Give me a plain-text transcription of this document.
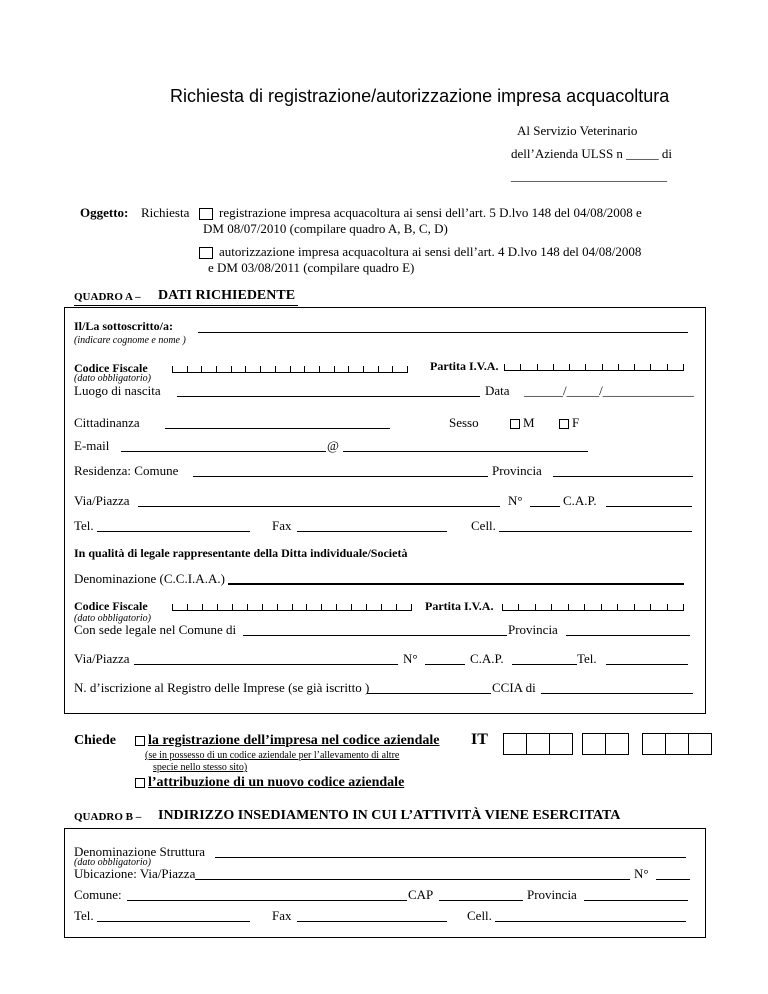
Richiesta di registrazione/autorizzazione impresa acquacoltura
Al Servizio Veterinario
dell’Azienda ULSS n _____ di
________________________
Oggetto: Richiesta registrazione impresa acquacoltura ai sensi dell’art. 5 D.lvo 148 del 04/08/2008 e
DM 08/07/2010 (compilare quadro A, B, C, D)
autorizzazione impresa acquacoltura ai sensi dell’art. 4 D.lvo 148 del 04/08/2008
e DM 03/08/2011 (compilare quadro E)
QUADRO A – DATI RICHIEDENTE
Il/La sottoscritto/a:
(indicare cognome e nome )
Codice Fiscale	Partita I.V.A.
(dato obbligatorio)
Luogo di nascita	Data ______/_____/______________
Cittadinanza	Sesso	M	F
E-mail	@
Residenza: Comune	Provincia
Via/Piazza	N°	C.A.P.
Tel.	Fax	Cell.
In qualità di legale rappresentante della Ditta individuale/Società
Denominazione (C.C.I.A.A.)
Codice Fiscale	Partita I.V.A.
(dato obbligatorio)
Con sede legale nel Comune di	Provincia
Via/Piazza	N°	C.A.P.	Tel.
N. d’iscrizione al Registro delle Imprese (se già iscritto )	CCIA di
Chiede	la registrazione dell’impresa nel codice aziendale
(se in possesso di un codice aziendale per l’allevamento di altre
specie nello stesso sito)
IT
l’attribuzione di un nuovo codice aziendale
QUADRO B – INDIRIZZO INSEDIAMENTO IN CUI L’ATTIVITÀ VIENE ESERCITATA
Denominazione Struttura
(dato obbligatorio)
Ubicazione: Via/Piazza	N°
Comune:	CAP	Provincia
Tel.	Fax	Cell.
